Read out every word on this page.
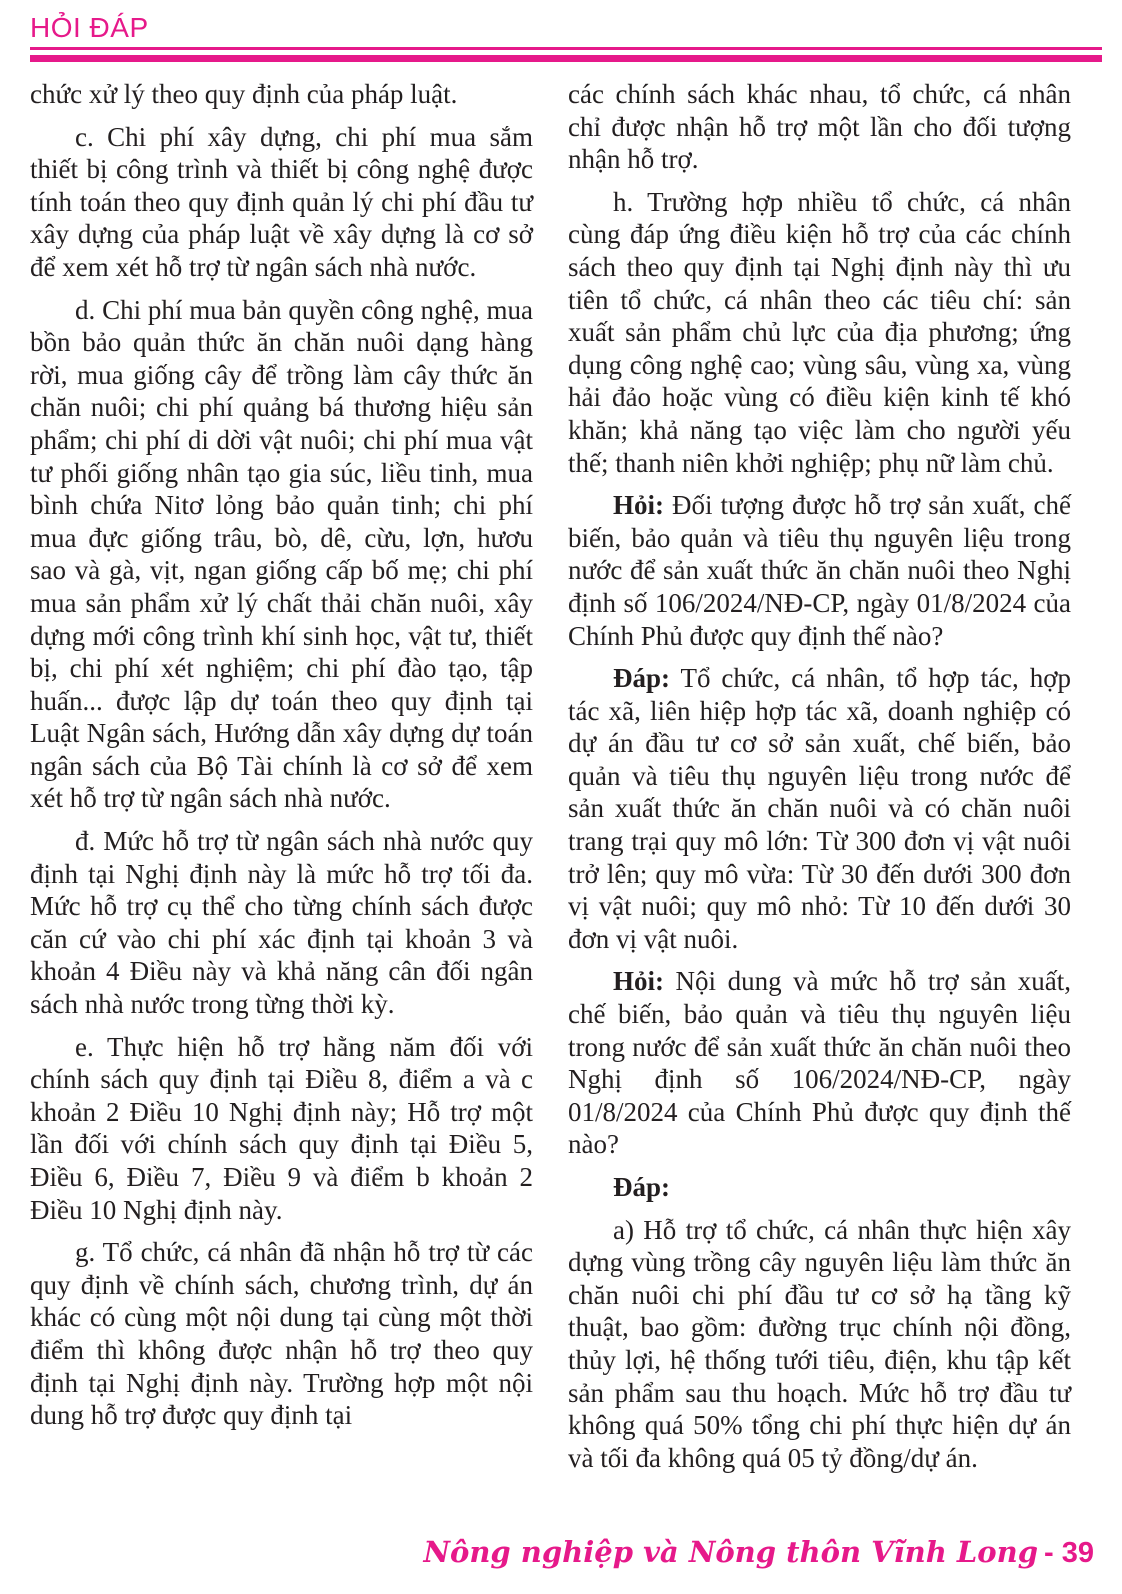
HỎI ĐÁP

chức xử lý theo quy định của pháp luật.

c. Chi phí xây dựng, chi phí mua sắm thiết bị công trình và thiết bị công nghệ được tính toán theo quy định quản lý chi phí đầu tư xây dựng của pháp luật về xây dựng là cơ sở để xem xét hỗ trợ từ ngân sách nhà nước.

d. Chi phí mua bản quyền công nghệ, mua bồn bảo quản thức ăn chăn nuôi dạng hàng rời, mua giống cây để trồng làm cây thức ăn chăn nuôi; chi phí quảng bá thương hiệu sản phẩm; chi phí di dời vật nuôi; chi phí mua vật tư phối giống nhân tạo gia súc, liều tinh, mua bình chứa Nitơ lỏng bảo quản tinh; chi phí mua đực giống trâu, bò, dê, cừu, lợn, hươu sao và gà, vịt, ngan giống cấp bố mẹ; chi phí mua sản phẩm xử lý chất thải chăn nuôi, xây dựng mới công trình khí sinh học, vật tư, thiết bị, chi phí xét nghiệm; chi phí đào tạo, tập huấn... được lập dự toán theo quy định tại Luật Ngân sách, Hướng dẫn xây dựng dự toán ngân sách của Bộ Tài chính là cơ sở để xem xét hỗ trợ từ ngân sách nhà nước.

đ. Mức hỗ trợ từ ngân sách nhà nước quy định tại Nghị định này là mức hỗ trợ tối đa. Mức hỗ trợ cụ thể cho từng chính sách được căn cứ vào chi phí xác định tại khoản 3 và khoản 4 Điều này và khả năng cân đối ngân sách nhà nước trong từng thời kỳ.

e. Thực hiện hỗ trợ hằng năm đối với chính sách quy định tại Điều 8, điểm a và c khoản 2 Điều 10 Nghị định này; Hỗ trợ một lần đối với chính sách quy định tại Điều 5, Điều 6, Điều 7, Điều 9 và điểm b khoản 2 Điều 10 Nghị định này.

g. Tổ chức, cá nhân đã nhận hỗ trợ từ các quy định về chính sách, chương trình, dự án khác có cùng một nội dung tại cùng một thời điểm thì không được nhận hỗ trợ theo quy định tại Nghị định này. Trường hợp một nội dung hỗ trợ được quy định tại

các chính sách khác nhau, tổ chức, cá nhân chỉ được nhận hỗ trợ một lần cho đối tượng nhận hỗ trợ.

h. Trường hợp nhiều tổ chức, cá nhân cùng đáp ứng điều kiện hỗ trợ của các chính sách theo quy định tại Nghị định này thì ưu tiên tổ chức, cá nhân theo các tiêu chí: sản xuất sản phẩm chủ lực của địa phương; ứng dụng công nghệ cao; vùng sâu, vùng xa, vùng hải đảo hoặc vùng có điều kiện kinh tế khó khăn; khả năng tạo việc làm cho người yếu thế; thanh niên khởi nghiệp; phụ nữ làm chủ.

Hỏi: Đối tượng được hỗ trợ sản xuất, chế biến, bảo quản và tiêu thụ nguyên liệu trong nước để sản xuất thức ăn chăn nuôi theo Nghị định số 106/2024/NĐ-CP, ngày 01/8/2024 của Chính Phủ được quy định thế nào?

Đáp: Tổ chức, cá nhân, tổ hợp tác, hợp tác xã, liên hiệp hợp tác xã, doanh nghiệp có dự án đầu tư cơ sở sản xuất, chế biến, bảo quản và tiêu thụ nguyên liệu trong nước để sản xuất thức ăn chăn nuôi và có chăn nuôi trang trại quy mô lớn: Từ 300 đơn vị vật nuôi trở lên; quy mô vừa: Từ 30 đến dưới 300 đơn vị vật nuôi; quy mô nhỏ: Từ 10 đến dưới 30 đơn vị vật nuôi.

Hỏi: Nội dung và mức hỗ trợ sản xuất, chế biến, bảo quản và tiêu thụ nguyên liệu trong nước để sản xuất thức ăn chăn nuôi theo Nghị định số 106/2024/NĐ-CP, ngày 01/8/2024 của Chính Phủ được quy định thế nào?

Đáp:

a) Hỗ trợ tổ chức, cá nhân thực hiện xây dựng vùng trồng cây nguyên liệu làm thức ăn chăn nuôi chi phí đầu tư cơ sở hạ tầng kỹ thuật, bao gồm: đường trục chính nội đồng, thủy lợi, hệ thống tưới tiêu, điện, khu tập kết sản phẩm sau thu hoạch. Mức hỗ trợ đầu tư không quá 50% tổng chi phí thực hiện dự án và tối đa không quá 05 tỷ đồng/dự án.

Nông nghiệp và Nông thôn Vĩnh Long - 39
